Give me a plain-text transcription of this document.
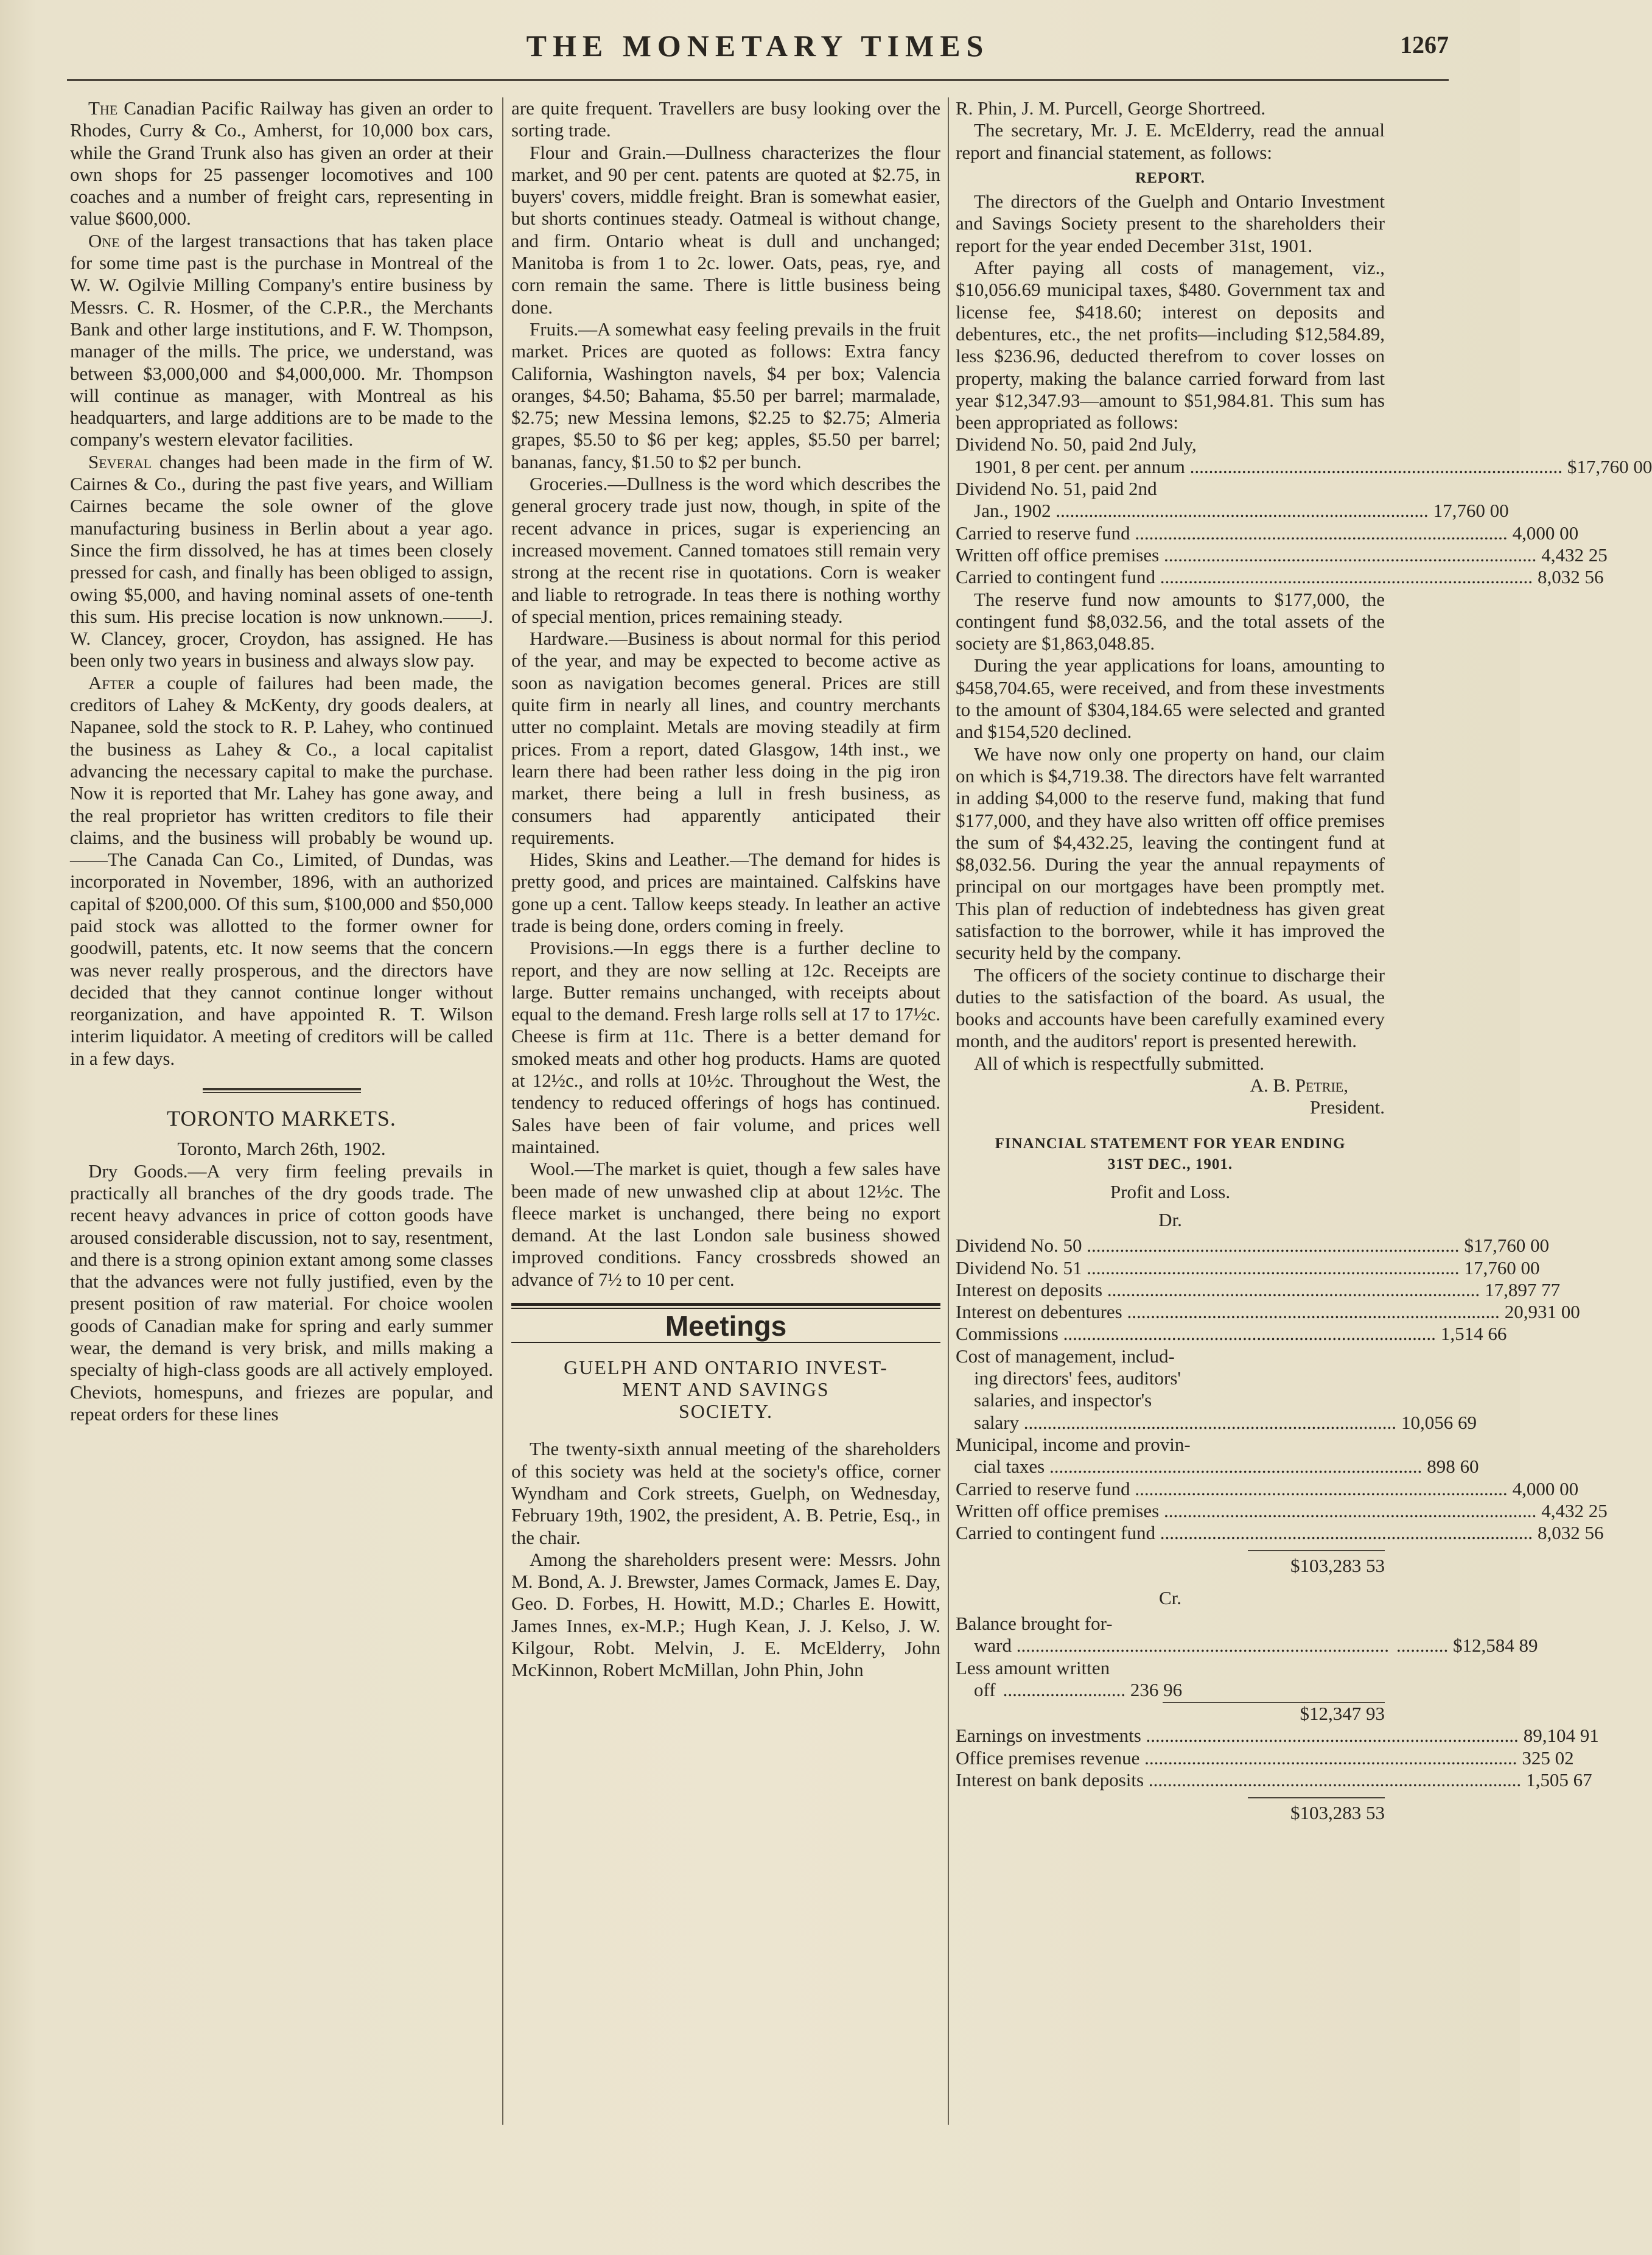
THE MONETARY TIMES	1267

The Canadian Pacific Railway has given an order to Rhodes, Curry & Co., Amherst, for 10,000 box cars, while the Grand Trunk also has given an order at their own shops for 25 passenger locomotives and 100 coaches and a number of freight cars, representing in value $600,000.

One of the largest transactions that has taken place for some time past is the purchase in Montreal of the W. W. Ogilvie Milling Company's entire business by Messrs. C. R. Hosmer, of the C.P.R., the Merchants Bank and other large institutions, and F. W. Thompson, manager of the mills. The price, we understand, was between $3,000,000 and $4,000,000. Mr. Thompson will continue as manager, with Montreal as his headquarters, and large additions are to be made to the company's western elevator facilities.

Several changes had been made in the firm of W. Cairnes & Co., during the past five years, and William Cairnes became the sole owner of the glove manufacturing business in Berlin about a year ago. Since the firm dissolved, he has at times been closely pressed for cash, and finally has been obliged to assign, owing $5,000, and having nominal assets of one-tenth this sum. His precise location is now unknown.——J. W. Clancey, grocer, Croydon, has assigned. He has been only two years in business and always slow pay.

After a couple of failures had been made, the creditors of Lahey & McKenty, dry goods dealers, at Napanee, sold the stock to R. P. Lahey, who continued the business as Lahey & Co., a local capitalist advancing the necessary capital to make the purchase. Now it is reported that Mr. Lahey has gone away, and the real proprietor has written creditors to file their claims, and the business will probably be wound up.——The Canada Can Co., Limited, of Dundas, was incorporated in November, 1896, with an authorized capital of $200,000. Of this sum, $100,000 and $50,000 paid stock was allotted to the former owner for goodwill, patents, etc. It now seems that the concern was never really prosperous, and the directors have decided that they cannot continue longer without reorganization, and have appointed R. T. Wilson interim liquidator. A meeting of creditors will be called in a few days.

TORONTO MARKETS.

Toronto, March 26th, 1902.

Dry Goods.—A very firm feeling prevails in practically all branches of the dry goods trade. The recent heavy advances in price of cotton goods have aroused considerable discussion, not to say, resentment, and there is a strong opinion extant among some classes that the advances were not fully justified, even by the present position of raw material. For choice woolen goods of Canadian make for spring and early summer wear, the demand is very brisk, and mills making a specialty of high-class goods are all actively employed. Cheviots, homespuns, and friezes are popular, and repeat orders for these lines

are quite frequent. Travellers are busy looking over the sorting trade.

Flour and Grain.—Dullness characterizes the flour market, and 90 per cent. patents are quoted at $2.75, in buyers' covers, middle freight. Bran is somewhat easier, but shorts continues steady. Oatmeal is without change, and firm. Ontario wheat is dull and unchanged; Manitoba is from 1 to 2c. lower. Oats, peas, rye, and corn remain the same. There is little business being done.

Fruits.—A somewhat easy feeling prevails in the fruit market. Prices are quoted as follows: Extra fancy California, Washington navels, $4 per box; Valencia oranges, $4.50; Bahama, $5.50 per barrel; marmalade, $2.75; new Messina lemons, $2.25 to $2.75; Almeria grapes, $5.50 to $6 per keg; apples, $5.50 per barrel; bananas, fancy, $1.50 to $2 per bunch.

Groceries.—Dullness is the word which describes the general grocery trade just now, though, in spite of the recent advance in prices, sugar is experiencing an increased movement. Canned tomatoes still remain very strong at the recent rise in quotations. Corn is weaker and liable to retrograde. In teas there is nothing worthy of special mention, prices remaining steady.

Hardware.—Business is about normal for this period of the year, and may be expected to become active as soon as navigation becomes general. Prices are still quite firm in nearly all lines, and country merchants utter no complaint. Metals are moving steadily at firm prices. From a report, dated Glasgow, 14th inst., we learn there had been rather less doing in the pig iron market, there being a lull in fresh business, as consumers had apparently anticipated their requirements.

Hides, Skins and Leather.—The demand for hides is pretty good, and prices are maintained. Calfskins have gone up a cent. Tallow keeps steady. In leather an active trade is being done, orders coming in freely.

Provisions.—In eggs there is a further decline to report, and they are now selling at 12c. Receipts are large. Butter remains unchanged, with receipts about equal to the demand. Fresh large rolls sell at 17 to 17½c. Cheese is firm at 11c. There is a better demand for smoked meats and other hog products. Hams are quoted at 12½c., and rolls at 10½c. Throughout the West, the tendency to reduced offerings of hogs has continued. Sales have been of fair volume, and prices well maintained.

Wool.—The market is quiet, though a few sales have been made of new unwashed clip at about 12½c. The fleece market is unchanged, there being no export demand. At the last London sale business showed improved conditions. Fancy crossbreds showed an advance of 7½ to 10 per cent.

Meetings
GUELPH AND ONTARIO INVEST-
MENT AND SAVINGS
SOCIETY.

The twenty-sixth annual meeting of the shareholders of this society was held at the society's office, corner Wyndham and Cork streets, Guelph, on Wednesday, February 19th, 1902, the president, A. B. Petrie, Esq., in the chair.

Among the shareholders present were: Messrs. John M. Bond, A. J. Brewster, James Cormack, James E. Day, Geo. D. Forbes, H. Howitt, M.D.; Charles E. Howitt, James Innes, ex-M.P.; Hugh Kean, J. J. Kelso, J. W. Kilgour, Robt. Melvin, J. E. McElderry, John McKinnon, Robert McMillan, John Phin, John

R. Phin, J. M. Purcell, George Shortreed.

The secretary, Mr. J. E. McElderry, read the annual report and financial statement, as follows:

REPORT.

The directors of the Guelph and Ontario Investment and Savings Society present to the shareholders their report for the year ended December 31st, 1901.

After paying all costs of management, viz., $10,056.69 municipal taxes, $480. Government tax and license fee, $418.60; interest on deposits and debentures, etc., the net profits—including $12,584.89, less $236.96, deducted therefrom to cover losses on property, making the balance carried forward from last year $12,347.93—amount to $51,984.81. This sum has been appropriated as follows:

Dividend No. 50, paid 2nd July,
1901, 8 per cent. per annum .....	$17,760 00
Dividend No. 51, paid 2nd
Jan., 1902 .....	17,760 00
Carried to reserve fund .....	4,000 00
Written off office premises .....	4,432 25
Carried to contingent fund .....	8,032 56

The reserve fund now amounts to $177,000, the contingent fund $8,032.56, and the total assets of the society are $1,863,048.85.

During the year applications for loans, amounting to $458,704.65, were received, and from these investments to the amount of $304,184.65 were selected and granted and $154,520 declined.

We have now only one property on hand, our claim on which is $4,719.38. The directors have felt warranted in adding $4,000 to the reserve fund, making that fund $177,000, and they have also written off office premises the sum of $4,432.25, leaving the contingent fund at $8,032.56. During the year the annual repayments of principal on our mortgages have been promptly met. This plan of reduction of indebtedness has given great satisfaction to the borrower, while it has improved the security held by the company.

The officers of the society continue to discharge their duties to the satisfaction of the board. As usual, the books and accounts have been carefully examined every month, and the auditors' report is presented herewith.

All of which is respectfully submitted.

A. B. Petrie,
President.
FINANCIAL STATEMENT FOR YEAR ENDING
31ST DEC., 1901.
Profit and Loss.
Dr.
Dividend No. 50 .....	$17,760 00
Dividend No. 51 .....	17,760 00
Interest on deposits .....	17,897 77
Interest on debentures .....	20,931 00
Commissions .....	1,514 66
Cost of management, includ-
ing directors' fees, auditors'
salaries, and inspector's
salary .....	10,056 69
Municipal, income and provin-
cial taxes .....	898 60
Carried to reserve fund .....	4,000 00
Written off office premises .....	4,432 25
Carried to contingent fund .....	8,032 56
$103,283 53
Cr.
Balance brought for-
ward .....	........... $12,584 89
Less amount written
off .......................... 236 96
$12,347 93
Earnings on investments .....	89,104 91
Office premises revenue .....	325 02
Interest on bank deposits .....	1,505 67
$103,283 53
